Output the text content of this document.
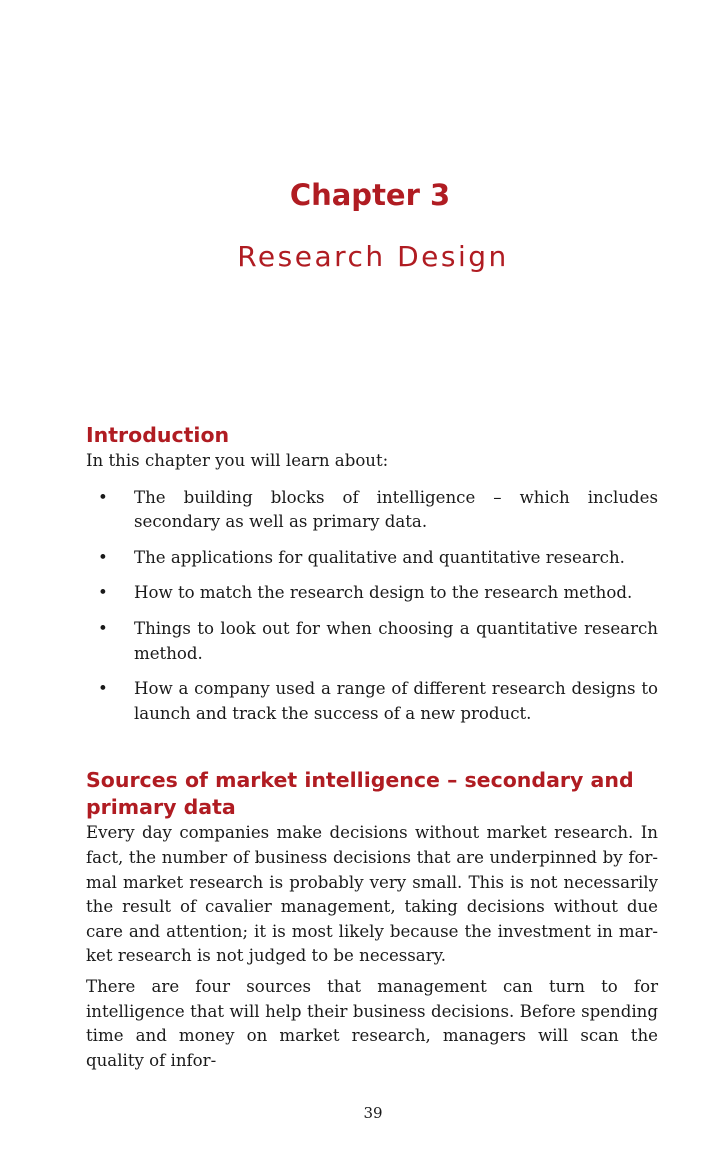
Chapter 3
Research Design
Introduction

In this chapter you will learn about:

• The building blocks of intelligence – which includes secondary as well as primary data.
• The applications for qualitative and quantitative research.
• How to match the research design to the research method.
• Things to look out for when choosing a quantitative research method.
• How a company used a range of different research designs to launch and track the success of a new product.
Sources of market intelligence – secondary and primary data

Every day companies make decisions without market research. In fact, the number of business decisions that are underpinned by for-mal market research is probably very small. This is not necessarily the result of cavalier management, taking decisions without due care and attention; it is most likely because the investment in mar-ket research is not judged to be necessary.

There are four sources that management can turn to for intelligence that will help their business decisions. Before spending time and money on market research, managers will scan the quality of infor-

39
